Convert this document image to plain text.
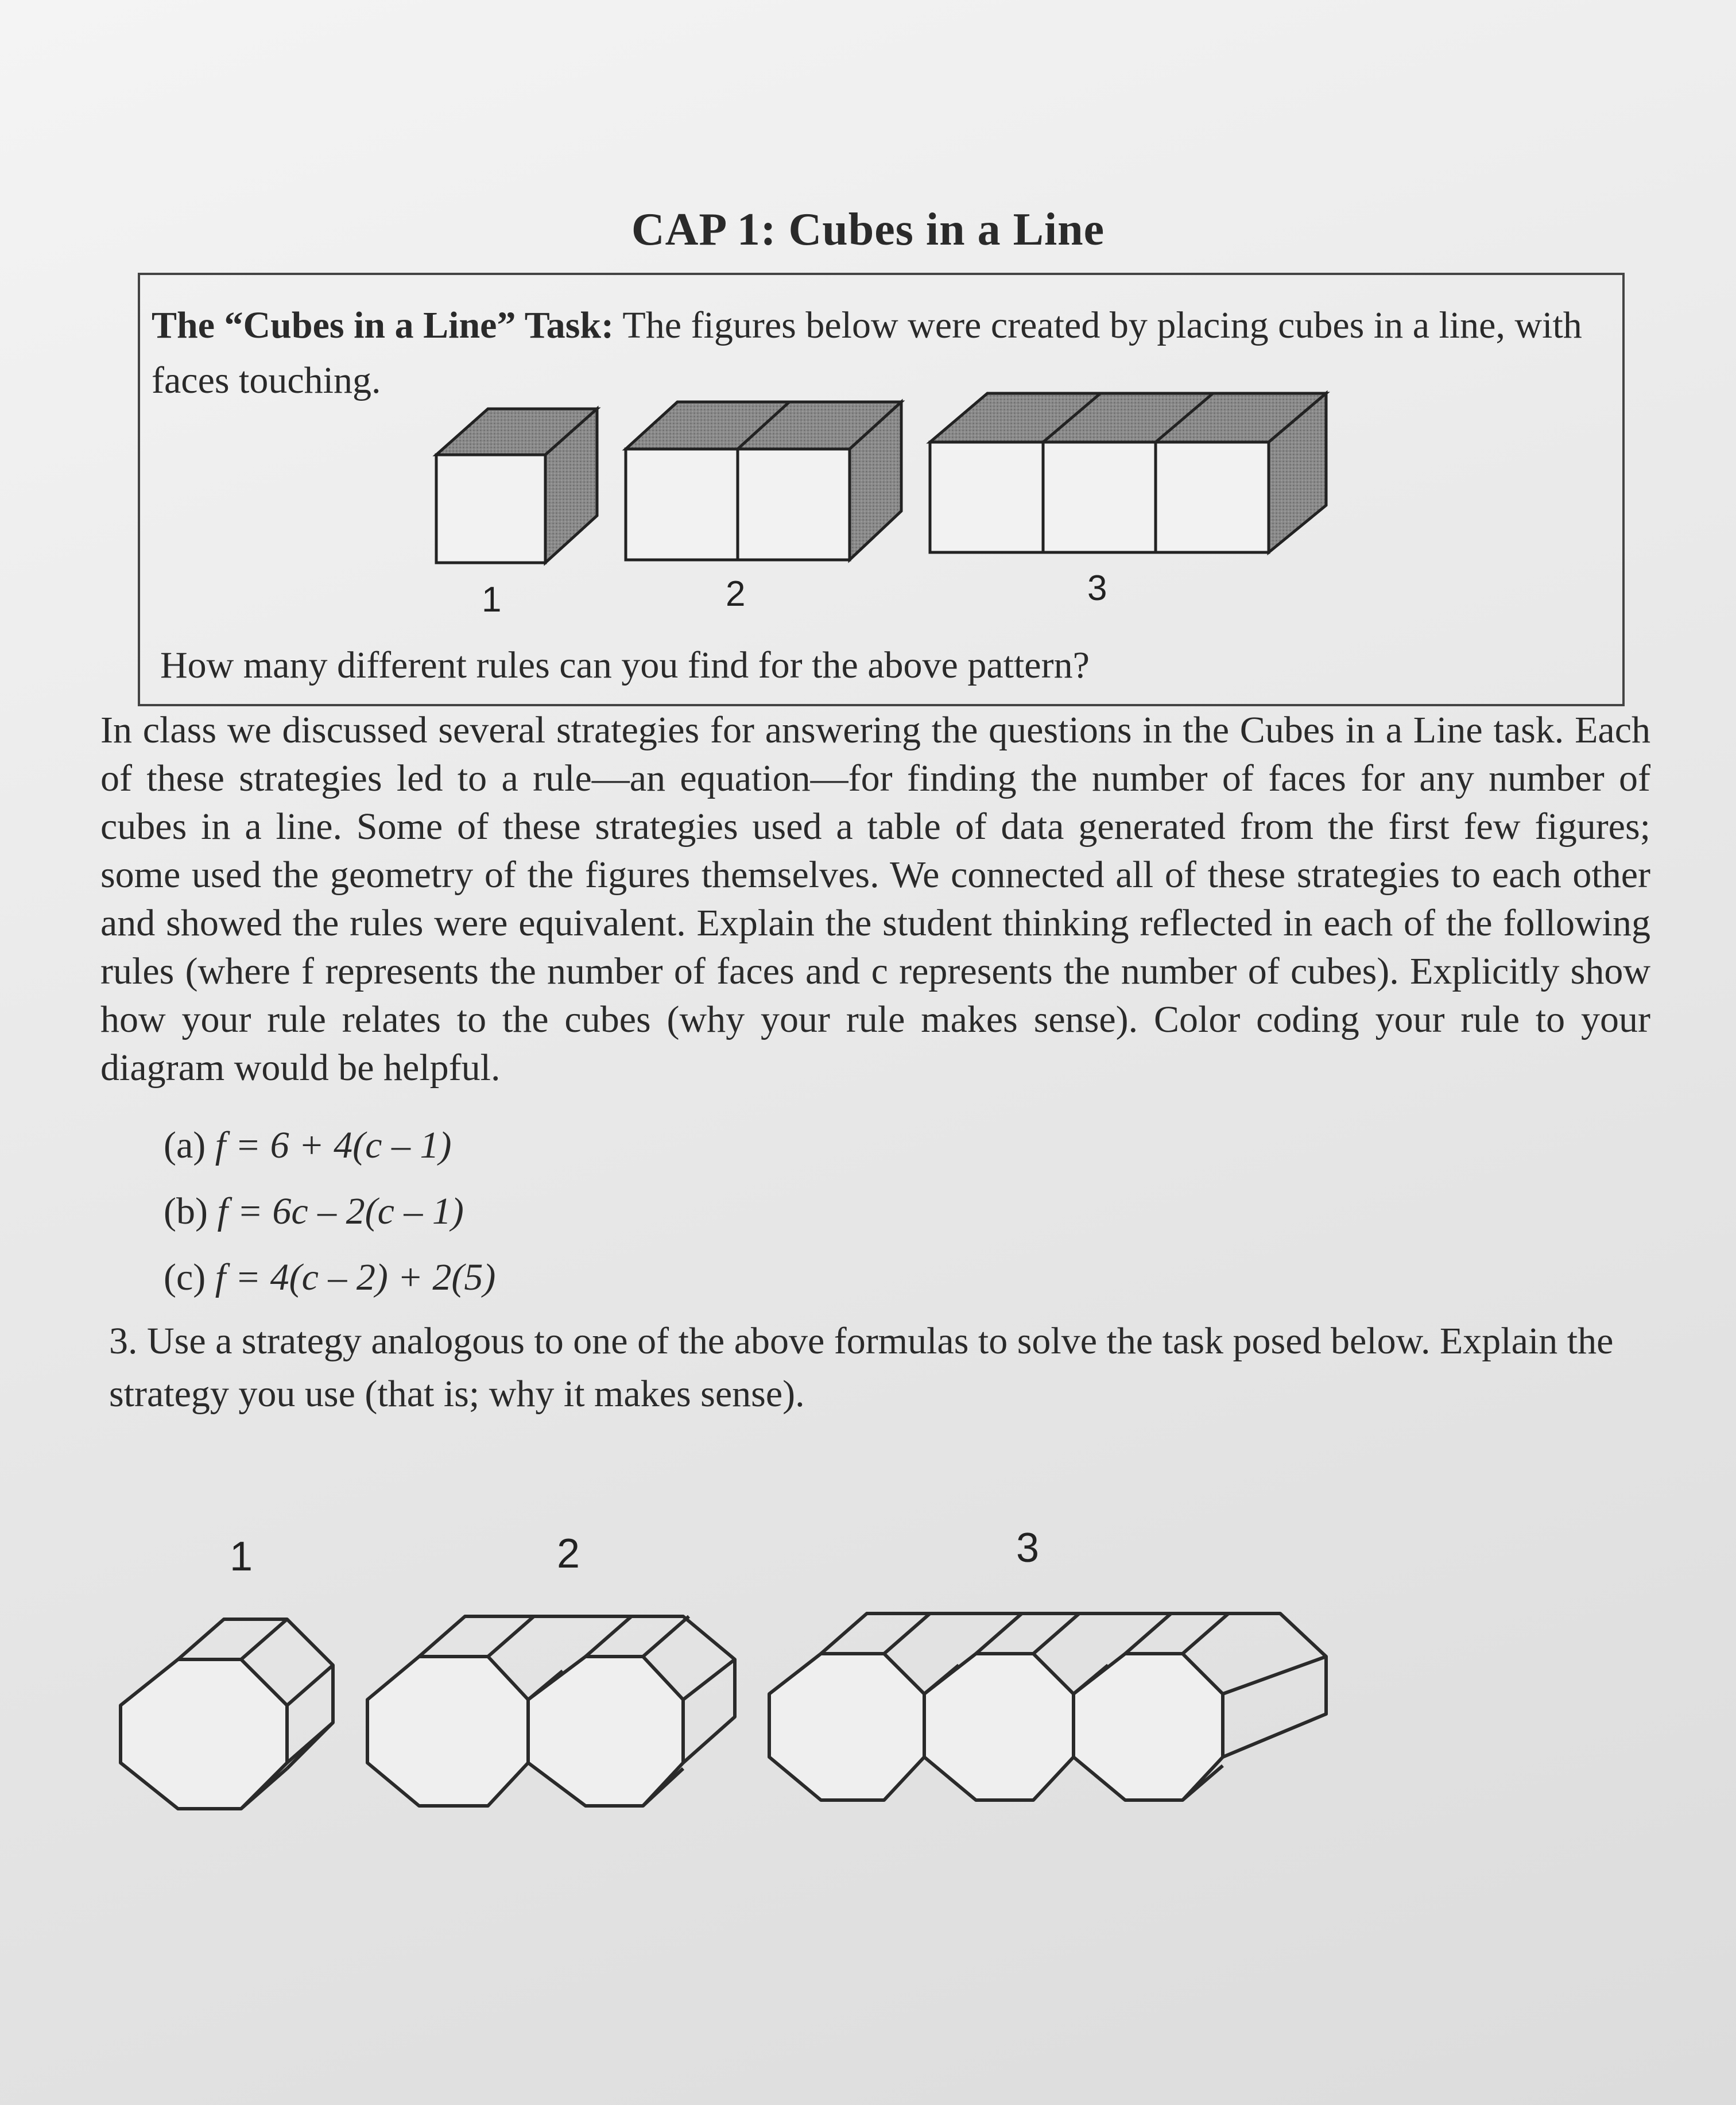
CAP 1: Cubes in a Line
The “Cubes in a Line” Task: The figures below were created by placing cubes in a line, with faces touching.
1	2	3
How many different rules can you find for the above pattern?
In class we discussed several strategies for answering the questions in the Cubes in a Line task. Each of these strategies led to a rule—an equation—for finding the number of faces for any number of cubes in a line. Some of these strategies used a table of data generated from the first few figures; some used the geometry of the figures themselves. We connected all of these strategies to each other and showed the rules were equivalent. Explain the student thinking reflected in each of the following rules (where f represents the number of faces and c represents the number of cubes). Explicitly show how your rule relates to the cubes (why your rule makes sense). Color coding your rule to your diagram would be helpful.
(a) f = 6 + 4(c – 1)
(b) f = 6c – 2(c – 1)
(c) f = 4(c – 2) + 2(5)
3. Use a strategy analogous to one of the above formulas to solve the task posed below. Explain the strategy you use (that is; why it makes sense).
1	2	3
